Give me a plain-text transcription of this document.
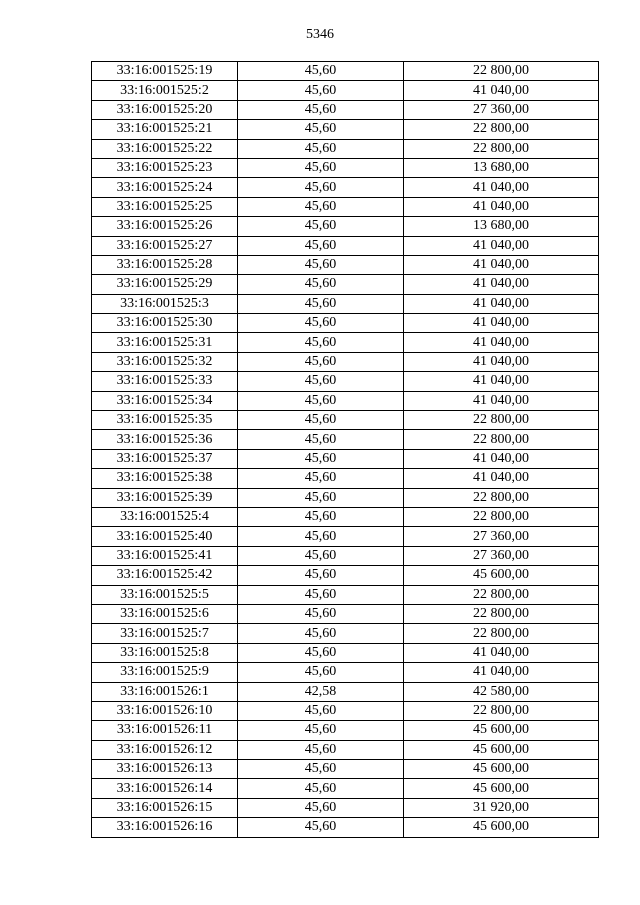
5346
33:16:001525:19	45,60	22 800,00
33:16:001525:2	45,60	41 040,00
33:16:001525:20	45,60	27 360,00
33:16:001525:21	45,60	22 800,00
33:16:001525:22	45,60	22 800,00
33:16:001525:23	45,60	13 680,00
33:16:001525:24	45,60	41 040,00
33:16:001525:25	45,60	41 040,00
33:16:001525:26	45,60	13 680,00
33:16:001525:27	45,60	41 040,00
33:16:001525:28	45,60	41 040,00
33:16:001525:29	45,60	41 040,00
33:16:001525:3	45,60	41 040,00
33:16:001525:30	45,60	41 040,00
33:16:001525:31	45,60	41 040,00
33:16:001525:32	45,60	41 040,00
33:16:001525:33	45,60	41 040,00
33:16:001525:34	45,60	41 040,00
33:16:001525:35	45,60	22 800,00
33:16:001525:36	45,60	22 800,00
33:16:001525:37	45,60	41 040,00
33:16:001525:38	45,60	41 040,00
33:16:001525:39	45,60	22 800,00
33:16:001525:4	45,60	22 800,00
33:16:001525:40	45,60	27 360,00
33:16:001525:41	45,60	27 360,00
33:16:001525:42	45,60	45 600,00
33:16:001525:5	45,60	22 800,00
33:16:001525:6	45,60	22 800,00
33:16:001525:7	45,60	22 800,00
33:16:001525:8	45,60	41 040,00
33:16:001525:9	45,60	41 040,00
33:16:001526:1	42,58	42 580,00
33:16:001526:10	45,60	22 800,00
33:16:001526:11	45,60	45 600,00
33:16:001526:12	45,60	45 600,00
33:16:001526:13	45,60	45 600,00
33:16:001526:14	45,60	45 600,00
33:16:001526:15	45,60	31 920,00
33:16:001526:16	45,60	45 600,00
